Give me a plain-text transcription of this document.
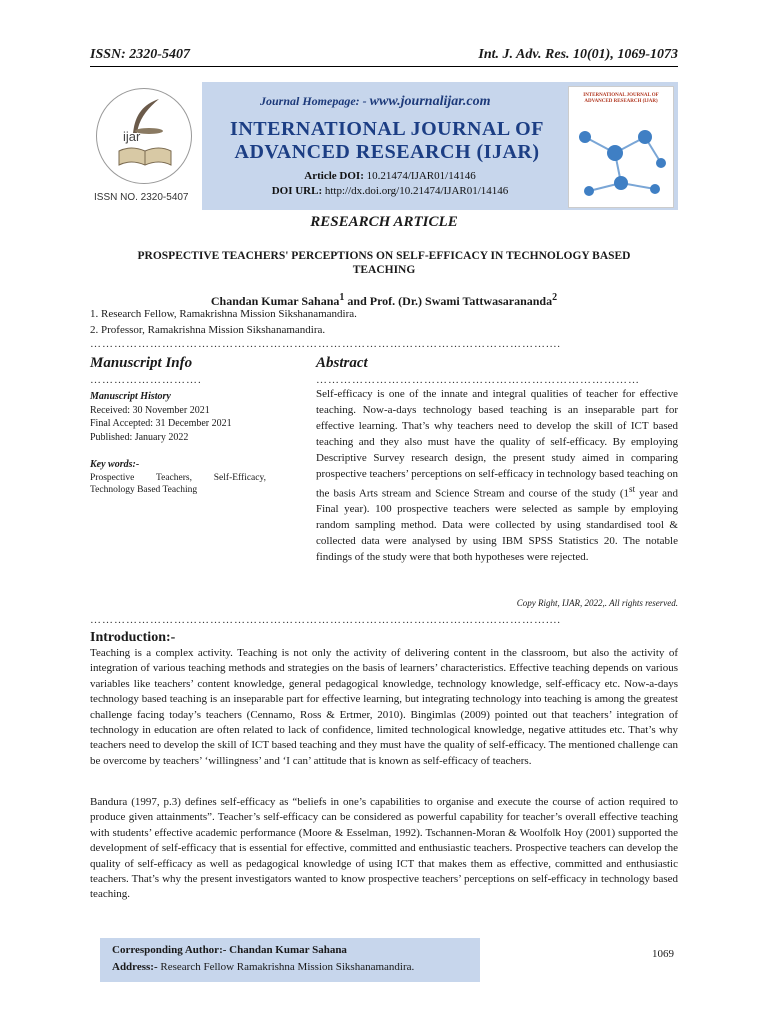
ISSN: 2320-5407	Int. J. Adv. Res. 10(01), 1069-1073
ijar
ISSN NO. 2320-5407
Journal Homepage: - www.journalijar.com
INTERNATIONAL JOURNAL OF ADVANCED RESEARCH (IJAR)
Article DOI: 10.21474/IJAR01/14146
DOI URL: http://dx.doi.org/10.21474/IJAR01/14146
INTERNATIONAL JOURNAL OF ADVANCED RESEARCH (IJAR)
RESEARCH ARTICLE
PROSPECTIVE TEACHERS' PERCEPTIONS ON SELF-EFFICACY IN TECHNOLOGY BASED TEACHING
Chandan Kumar Sahana$^1$ and Prof. (Dr.) Swami Tattwasarananda$^2$
1. Research Fellow, Ramakrishna Mission Sikshanamandira.
2. Professor, Ramakrishna Mission Sikshanamandira.
……………………………………………………………………………………………………....
Manuscript Info
……………………….
Manuscript History
Received: 30 November 2021
Final Accepted: 31 December 2021
Published: January 2022
Key words:-
Prospective Teachers, Self-Efficacy, Technology Based Teaching
Abstract
………………………………………………………………………
Self-efficacy is one of the innate and integral qualities of teacher for effective teaching. Now-a-days technology based teaching is an inseparable part for effective learning. That’s why teachers need to develop the skill of ICT based teaching and they also must have the quality of self-efficacy. By employing Descriptive Survey research design, the present study aimed in comparing prospective teachers’ perceptions on self-efficacy in technology based teaching on the basis Arts stream and Science Stream and course of the study (1st year and Final year). 100 prospective teachers were selected as sample by employing random sampling method. Data were collected by using standardised tool & collected data were analysed by using IBM SPSS Statistics 20. The notable findings of the study were that both hypotheses were rejected.
Copy Right, IJAR, 2022,. All rights reserved.
……………………………………………………………………………………………………....
Introduction:-
Teaching is a complex activity. Teaching is not only the activity of delivering content in the classroom, but also the activity of integration of various teaching methods and strategies on the basis of learners’ characteristics. Effective teaching depends on various variables like teachers’ content knowledge, general pedagogical knowledge, technology knowledge, self-efficacy etc. Now-a-days technology based teaching is an inseparable part for effective learning, but integrating technology into teaching is among the greatest challenge facing today’s teachers (Cennamo, Ross & Ertmer, 2010). Bingimlas (2009) pointed out that teachers’ integration of technology in education are often related to lack of confidence, limited technological knowledge, negative attitudes etc. That’s why teachers need to develop the skill of ICT based teaching and they must have the quality of self-efficacy. The mentioned challenge can be overcome by teachers’ ‘willingness’ and ‘I can’ attitude that is known as self-efficacy of teachers.
Bandura (1997, p.3) defines self-efficacy as “beliefs in one’s capabilities to organise and execute the course of action required to produce given attainments”. Teacher’s self-efficacy can be considered as powerful capability for teacher’s overall effective teaching with students’ effective academic performance (Moore & Esselman, 1992). Tschannen-Moran & Woolfolk Hoy (2001) supported the development of self-efficacy that is essential for effective, committed and enthusiastic teachers. Prospective teachers can develop the quality of self-efficacy as well as pedagogical knowledge of using ICT that makes them as effective, committed and enthusiastic teachers. That’s why the present investigators wanted to know prospective teachers’ perceptions on self-efficacy in technology based teaching.
Corresponding Author:- Chandan Kumar Sahana
Address:- Research Fellow Ramakrishna Mission Sikshanamandira.
1069
